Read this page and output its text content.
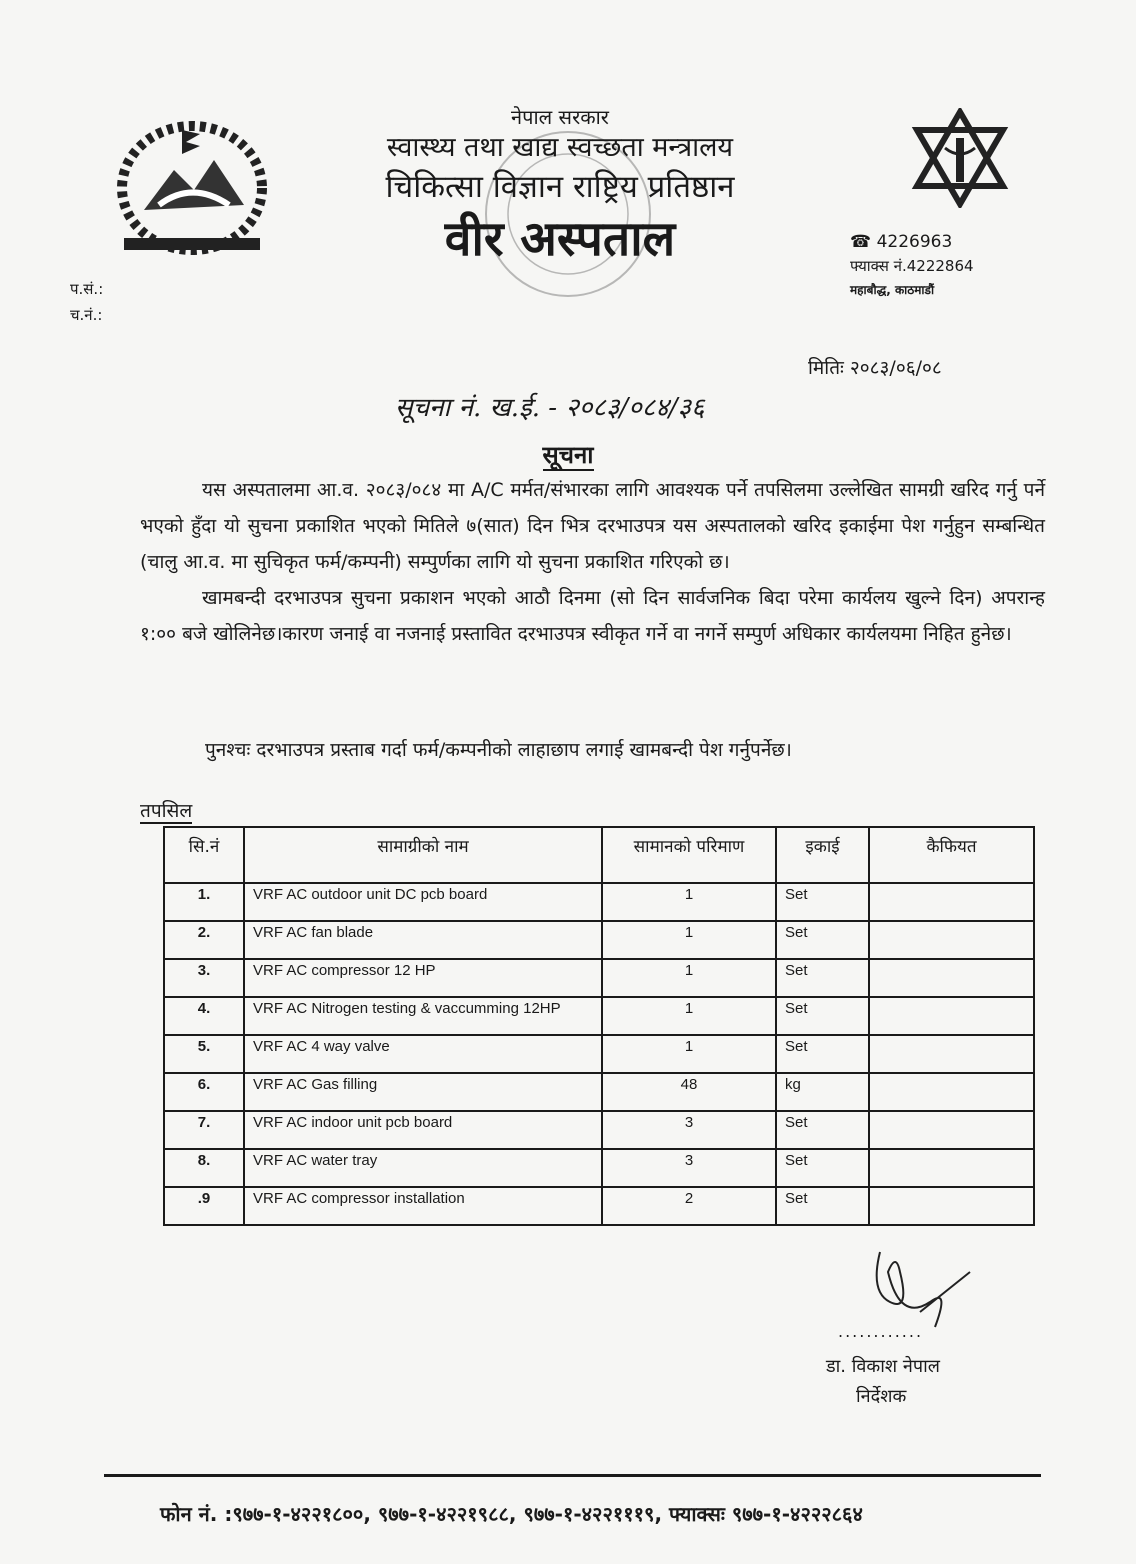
नेपाल सरकार
स्वास्थ्य तथा खाद्य स्वच्छता मन्त्रालय
चिकित्सा विज्ञान राष्ट्रिय प्रतिष्ठान
वीर अस्पताल	☎ 4226963
फ्याक्स नं.4222864
महाबौद्ध, काठमाडौं
प.सं.:
च.नं.:
मितिः २०८३/०६/०८
सूचना नं. ख.ई. - २०८३/०८४/३६
सूचना

यस अस्पतालमा आ.व. २०८३/०८४ मा A/C मर्मत/संभारका लागि आवश्यक पर्ने तपसिलमा उल्लेखित सामग्री खरिद गर्नु पर्ने भएको हुँदा यो सुचना प्रकाशित भएको मितिले ७(सात) दिन भित्र दरभाउपत्र यस अस्पतालको खरिद इकाईमा पेश गर्नुहुन सम्बन्धित (चालु आ.व. मा सुचिकृत फर्म/कम्पनी) सम्पुर्णका लागि यो सुचना प्रकाशित गरिएको छ।

खामबन्दी दरभाउपत्र सुचना प्रकाशन भएको आठौ दिनमा (सो दिन सार्वजनिक बिदा परेमा कार्यलय खुल्ने दिन) अपरान्ह १:०० बजे खोलिनेछ।कारण जनाई वा नजनाई प्रस्तावित दरभाउपत्र स्वीकृत गर्ने वा नगर्ने सम्पुर्ण अधिकार कार्यलयमा निहित हुनेछ।

पुनश्चः दरभाउपत्र प्रस्ताब गर्दा फर्म/कम्पनीको लाहाछाप लगाई खामबन्दी पेश गर्नुपर्नेछ।
तपसिल
सि.नं	सामाग्रीको नाम	सामानको परिमाण	इकाई	कैफियत
1.	VRF AC outdoor unit DC pcb board	1	Set	
2.	VRF AC fan blade	1	Set	
3.	VRF AC compressor 12 HP	1	Set	
4.	VRF AC Nitrogen testing & vaccumming 12HP	1	Set	
5.	VRF AC 4 way valve	1	Set	
6.	VRF AC Gas filling	48	kg	
7.	VRF AC indoor unit pcb board	3	Set	
8.	VRF AC water tray	3	Set	
.9	VRF AC compressor installation	2	Set	
............
डा. विकाश नेपाल
निर्देशक
फोन नं. :९७७-१-४२२१८००, ९७७-१-४२२१९८८, ९७७-१-४२२१११९, फ्याक्सः ९७७-१-४२२२८६४
